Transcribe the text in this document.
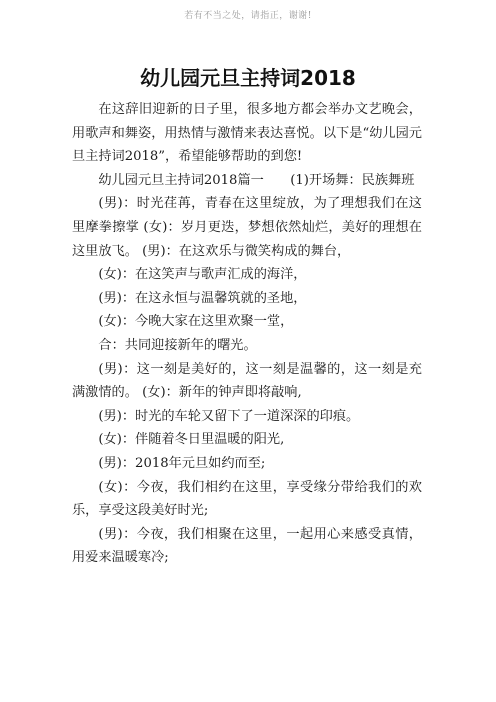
若有不当之处，请指正，谢谢!
幼儿园元旦主持词2018

在这辞旧迎新的日子里，很多地方都会举办文艺晚会，用歌声和舞姿，用热情与激情来表达喜悦。以下是“幼儿园元旦主持词2018”，希望能够帮助的到您!

幼儿园元旦主持词2018篇一　　(1)开场舞：民族舞班

(男)：时光荏苒，青春在这里绽放，为了理想我们在这里摩拳擦掌 (女)：岁月更迭，梦想依然灿烂，美好的理想在这里放飞。 (男)：在这欢乐与微笑构成的舞台，

(女)：在这笑声与歌声汇成的海洋，

(男)：在这永恒与温馨筑就的圣地，

(女)：今晚大家在这里欢聚一堂，

合：共同迎接新年的曙光。

(男)：这一刻是美好的，这一刻是温馨的，这一刻是充满激情的。 (女)：新年的钟声即将敲响,

(男)：时光的车轮又留下了一道深深的印痕。

(女)：伴随着冬日里温暖的阳光,

(男)：2018年元旦如约而至;

(女)：今夜，我们相约在这里，享受缘分带给我们的欢乐，享受这段美好时光;

(男)：今夜，我们相聚在这里，一起用心来感受真情，用爱来温暖寒冷;
